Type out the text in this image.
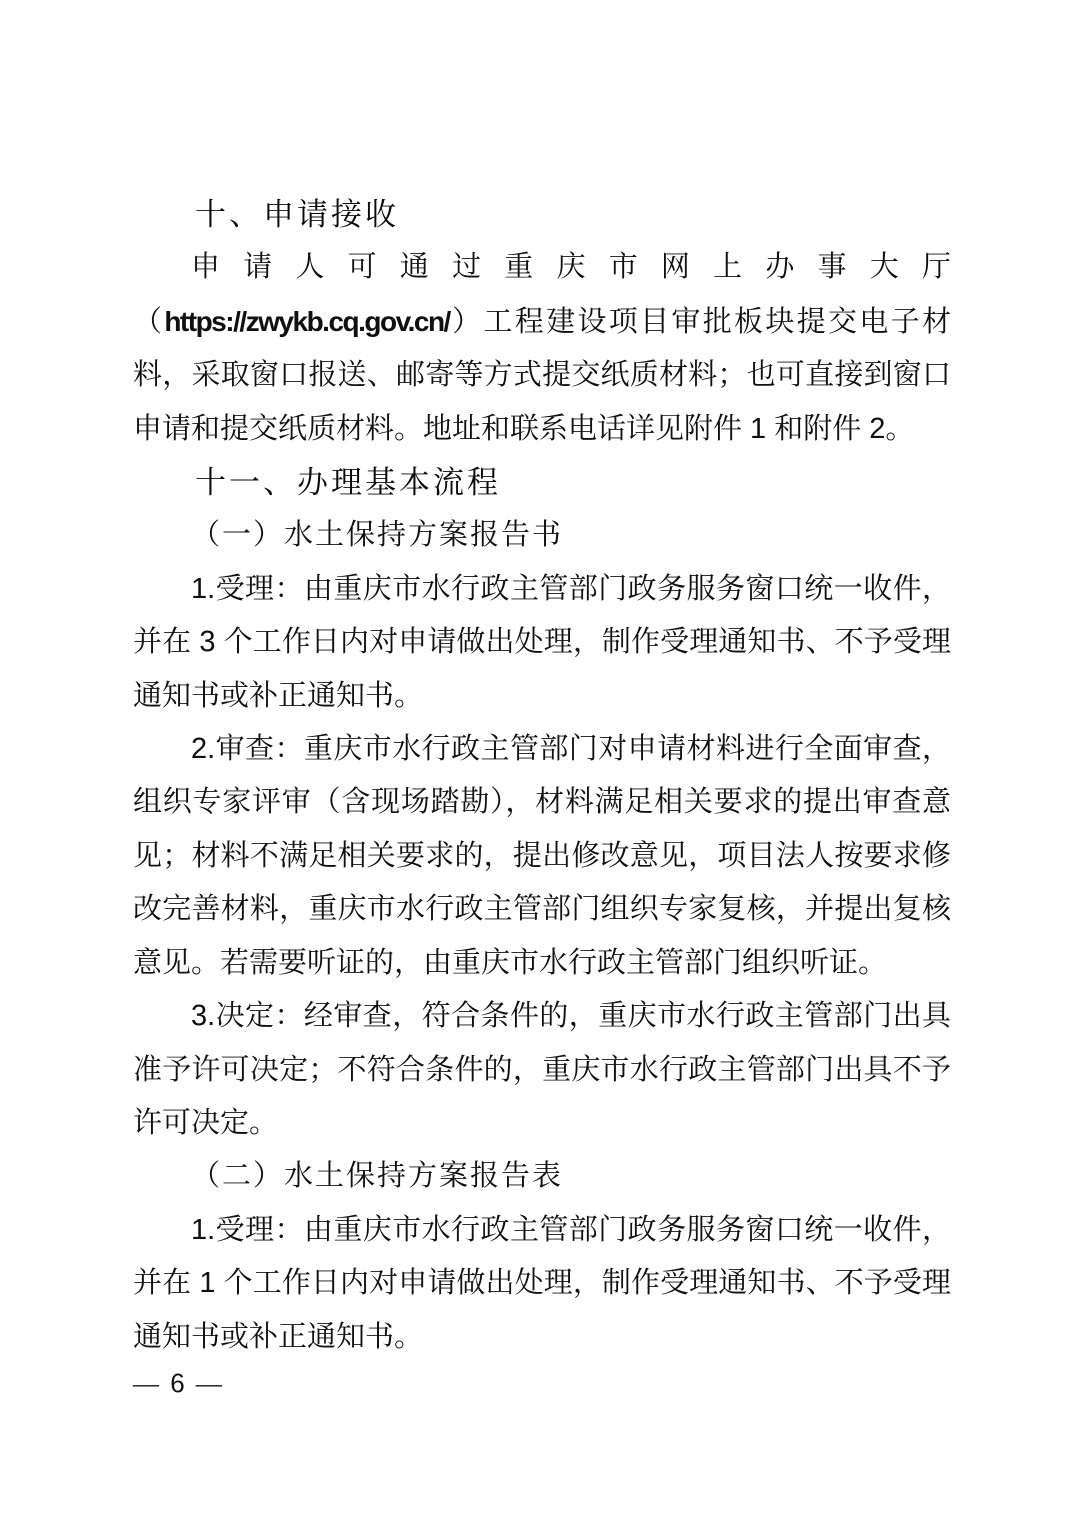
十、申请接收

申请人可通过重庆市网上办事大厅（https://zwykb.cq.gov.cn/）工程建设项目审批板块提交电子材料，采取窗口报送、邮寄等方式提交纸质材料；也可直接到窗口申请和提交纸质材料。地址和联系电话详见附件 1 和附件 2。

十一、办理基本流程

（一）水土保持方案报告书

1.受理：由重庆市水行政主管部门政务服务窗口统一收件，并在 3 个工作日内对申请做出处理，制作受理通知书、不予受理通知书或补正通知书。

2.审查：重庆市水行政主管部门对申请材料进行全面审查，组织专家评审（含现场踏勘），材料满足相关要求的提出审查意见；材料不满足相关要求的，提出修改意见，项目法人按要求修改完善材料，重庆市水行政主管部门组织专家复核，并提出复核意见。若需要听证的，由重庆市水行政主管部门组织听证。

3.决定：经审查，符合条件的，重庆市水行政主管部门出具准予许可决定；不符合条件的，重庆市水行政主管部门出具不予许可决定。

（二）水土保持方案报告表

1.受理：由重庆市水行政主管部门政务服务窗口统一收件，并在 1 个工作日内对申请做出处理，制作受理通知书、不予受理通知书或补正通知书。

— 6 —
